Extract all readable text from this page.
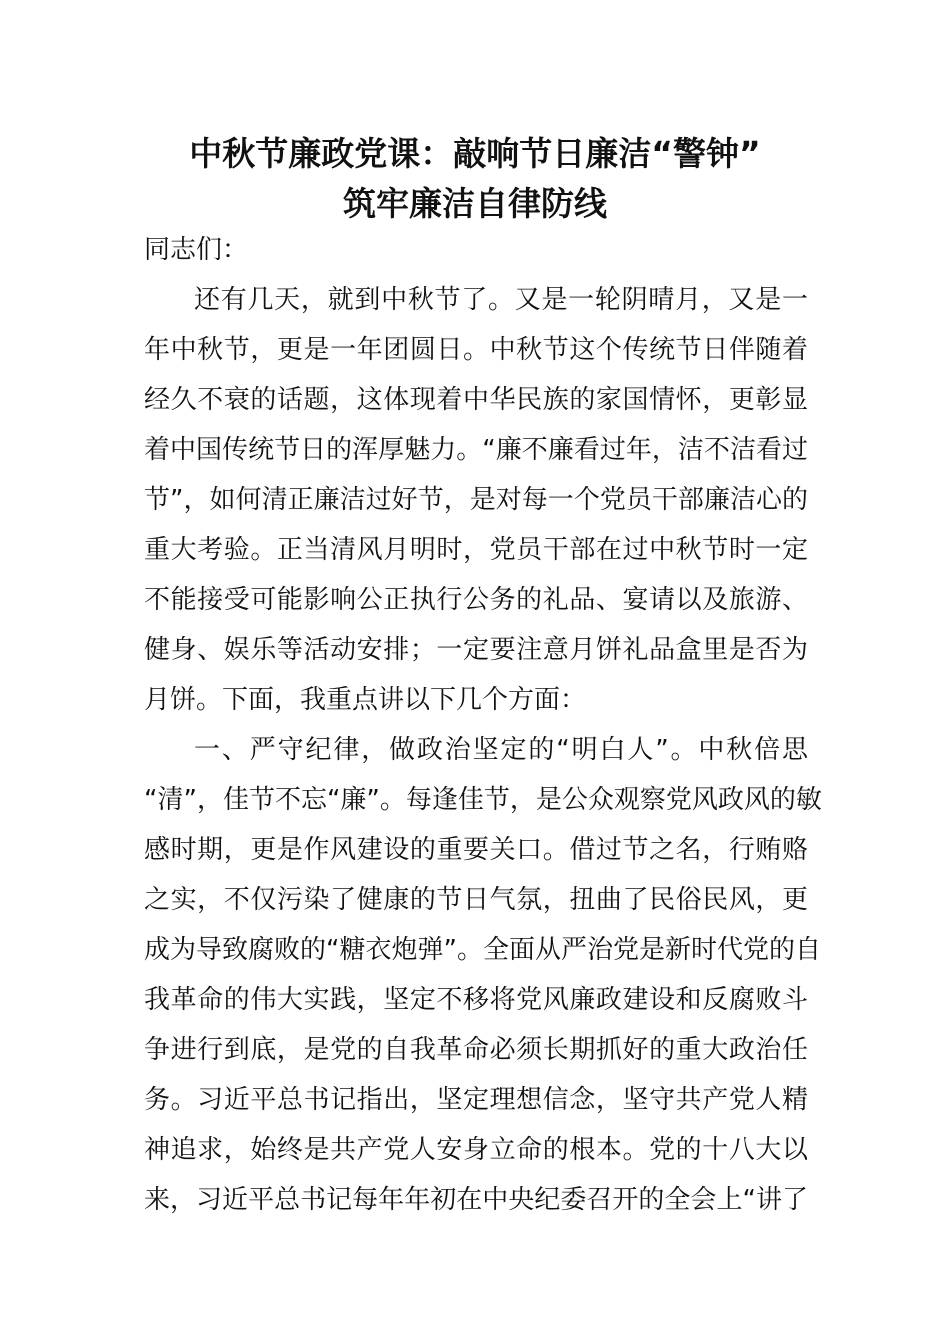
中秋节廉政党课：敲响节日廉洁“警钟”
筑牢廉洁自律防线
同志们：
还有几天，就到中秋节了。又是一轮阴晴月，又是一
年中秋节，更是一年团圆日。中秋节这个传统节日伴随着
经久不衰的话题，这体现着中华民族的家国情怀，更彰显
着中国传统节日的浑厚魅力。“廉不廉看过年，洁不洁看过
节”，如何清正廉洁过好节，是对每一个党员干部廉洁心的
重大考验。正当清风月明时，党员干部在过中秋节时一定
不能接受可能影响公正执行公务的礼品、宴请以及旅游、
健身、娱乐等活动安排；一定要注意月饼礼品盒里是否为
月饼。下面，我重点讲以下几个方面：
一、严守纪律，做政治坚定的“明白人”。中秋倍思
“清”，佳节不忘“廉”。每逢佳节，是公众观察党风政风的敏
感时期，更是作风建设的重要关口。借过节之名，行贿赂
之实，不仅污染了健康的节日气氛，扭曲了民俗民风，更
成为导致腐败的“糖衣炮弹”。全面从严治党是新时代党的自
我革命的伟大实践，坚定不移将党风廉政建设和反腐败斗
争进行到底，是党的自我革命必须长期抓好的重大政治任
务。习近平总书记指出，坚定理想信念，坚守共产党人精
神追求，始终是共产党人安身立命的根本。党的十八大以
来，习近平总书记每年年初在中央纪委召开的全会上“讲了
